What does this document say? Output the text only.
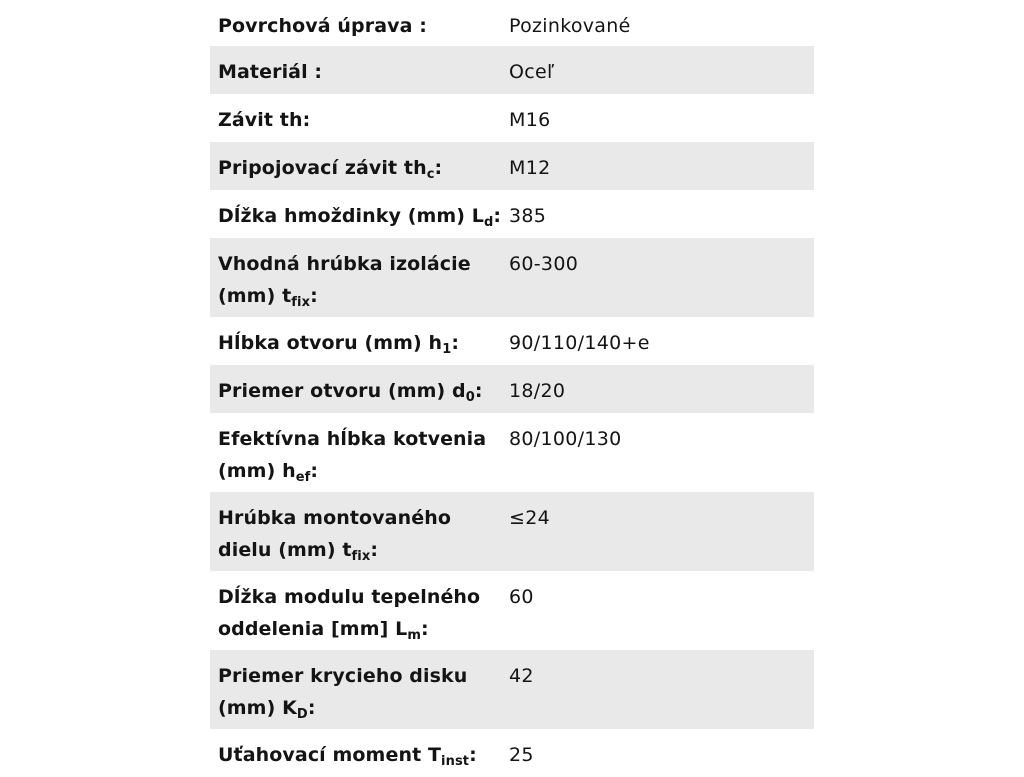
Povrchová úprava :	Pozinkované
Materiál :	Oceľ
Závit th:	M16
Pripojovací závit $th_c$:	M12
Dĺžka hmoždinky (mm) $L_d$: 385
Vhodná hrúbka izolácie (mm) $t_{fix}$:
60-300
Hĺbka otvoru (mm) $h_1$:	90/110/140+e
Priemer otvoru (mm) $d_0$:	18/20
Efektívna hĺbka kotvenia (mm) $h_{ef}$:
80/100/130
Hrúbka montovaného dielu (mm) $t_{fix}$:
≤24
Dĺžka modulu tepelného oddelenia [mm] $L_m$:
60
Priemer krycieho disku (mm) $K_D$:
42
Uťahovací moment $T_{inst}$:	25
